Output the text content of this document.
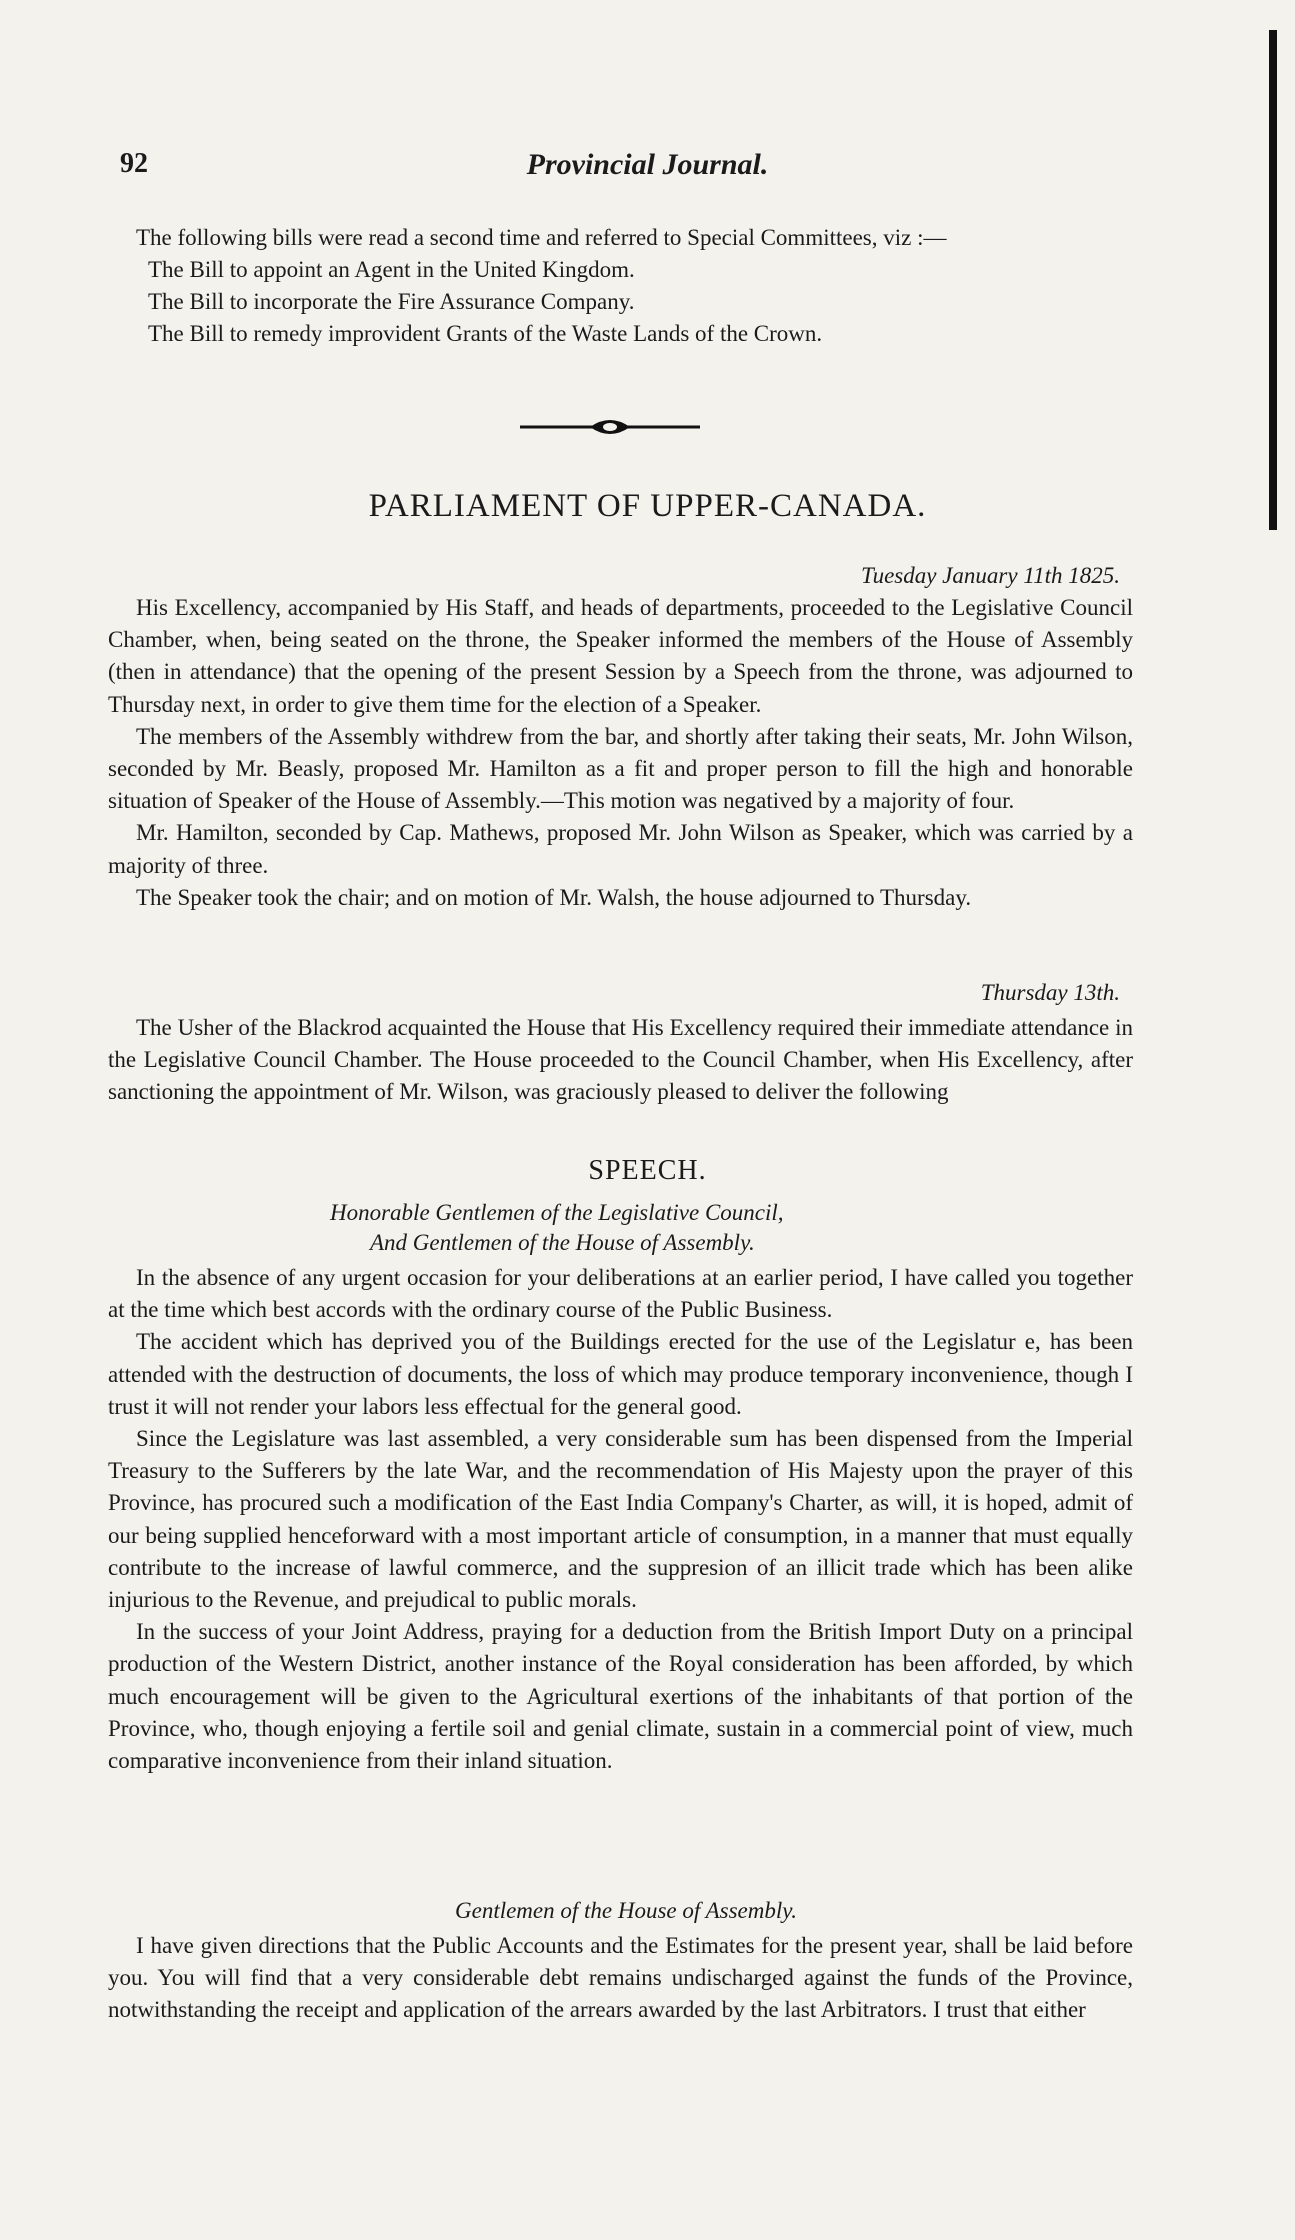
92	Provincial Journal.

The following bills were read a second time and referred to Special Committees, viz :—

The Bill to appoint an Agent in the United Kingdom.
The Bill to incorporate the Fire Assurance Company.
The Bill to remedy improvident Grants of the Waste Lands of the Crown.
PARLIAMENT OF UPPER-CANADA.
Tuesday January 11th 1825.

His Excellency, accompanied by His Staff, and heads of departments, proceeded to the Legislative Council Chamber, when, being seated on the throne, the Speaker informed the members of the House of Assembly (then in attendance) that the opening of the present Session by a Speech from the throne, was adjourned to Thursday next, in order to give them time for the election of a Speaker.

The members of the Assembly withdrew from the bar, and shortly after taking their seats, Mr. John Wilson, seconded by Mr. Beasly, proposed Mr. Hamilton as a fit and proper person to fill the high and honorable situation of Speaker of the House of Assembly.—This motion was negatived by a majority of four.

Mr. Hamilton, seconded by Cap. Mathews, proposed Mr. John Wilson as Speaker, which was carried by a majority of three.

The Speaker took the chair; and on motion of Mr. Walsh, the house adjourned to Thursday.

Thursday 13th.

The Usher of the Blackrod acquainted the House that His Excellency required their immediate attendance in the Legislative Council Chamber. The House proceeded to the Council Chamber, when His Excellency, after sanctioning the appointment of Mr. Wilson, was graciously pleased to deliver the following

SPEECH.
Honorable Gentlemen of the Legislative Council,
And Gentlemen of the House of Assembly.

In the absence of any urgent occasion for your deliberations at an earlier period, I have called you together at the time which best accords with the ordinary course of the Public Business.

The accident which has deprived you of the Buildings erected for the use of the Legislatur e, has been attended with the destruction of documents, the loss of which may produce temporary inconvenience, though I trust it will not render your labors less effectual for the general good.

Since the Legislature was last assembled, a very considerable sum has been dispensed from the Imperial Treasury to the Sufferers by the late War, and the recommendation of His Majesty upon the prayer of this Province, has procured such a modification of the East India Company's Charter, as will, it is hoped, admit of our being supplied henceforward with a most important article of consumption, in a manner that must equally contribute to the increase of lawful commerce, and the suppresion of an illicit trade which has been alike injurious to the Revenue, and prejudical to public morals.

In the success of your Joint Address, praying for a deduction from the British Import Duty on a principal production of the Western District, another instance of the Royal consideration has been afforded, by which much encouragement will be given to the Agricultural exertions of the inhabitants of that portion of the Province, who, though enjoying a fertile soil and genial climate, sustain in a commercial point of view, much comparative inconvenience from their inland situation.

Gentlemen of the House of Assembly.

I have given directions that the Public Accounts and the Estimates for the present year, shall be laid before you. You will find that a very considerable debt remains undischarged against the funds of the Province, notwithstanding the receipt and application of the arrears awarded by the last Arbitrators. I trust that either
